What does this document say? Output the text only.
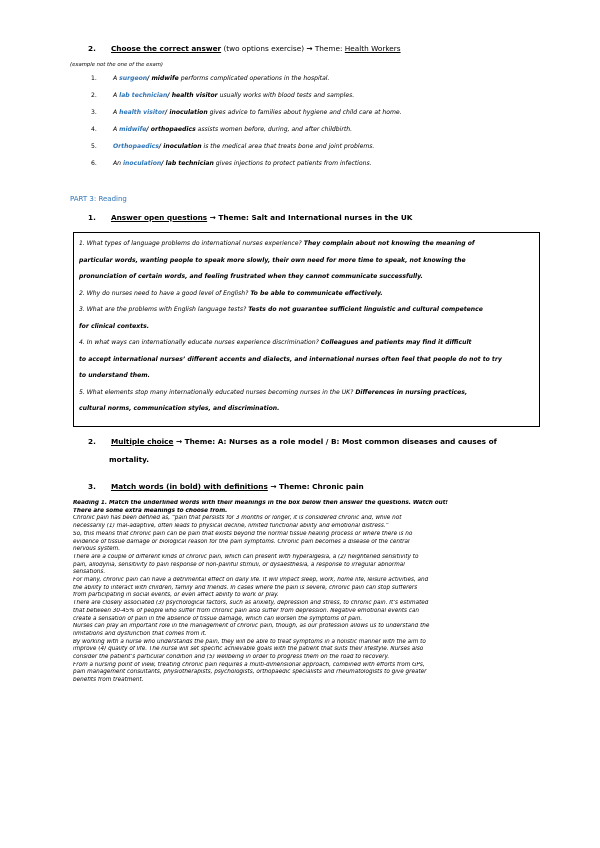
2. Choose the correct answer (two options exercise) → Theme: Health Workers
(example not the one of the exam)
1.	A surgeon/ midwife performs complicated operations in the hospital.
2.	A lab technician/ health visitor usually works with blood tests and samples.
3.	A health visitor/ inoculation gives advice to families about hygiene and child care at home.
4.	A midwife/ orthopaedics assists women before, during, and after childbirth.
5.	Orthopaedics/ inoculation is the medical area that treats bone and joint problems.
6.	An inoculation/ lab technician gives injections to protect patients from infections.
PART 3: Reading
1. Answer open questions → Theme: Salt and International nurses in the UK
1. What types of language problems do international nurses experience? They complain about not knowing the meaning of
particular words, wanting people to speak more slowly, their own need for more time to speak, not knowing the
pronunciation of certain words, and feeling frustrated when they cannot communicate successfully.
2. Why do nurses need to have a good level of English? To be able to communicate effectively.
3. What are the problems with English language tests? Tests do not guarantee sufficient linguistic and cultural competence
for clinical contexts.
4. In what ways can internationally educate nurses experience discrimination? Colleagues and patients may find it difficult
to accept international nurses’ different accents and dialects, and international nurses often feel that people do not to try
to understand them.
5. What elements stop many internationally educated nurses becoming nurses in the UK? Differences in nursing practices,
cultural norms, communication styles, and discrimination.
2. Multiple choice → Theme: A: Nurses as a role model / B: Most common diseases and causes of
mortality.
3. Match words (in bold) with definitions → Theme: Chronic pain

Reading 1. Match the underlined words with their meanings in the box below then answer the questions. Watch out!

There are some extra meanings to choose from.

Chronic pain has been defined as, “pain that persists for 3 months or longer, it is considered chronic and, while not

necessarily (1) mal-adaptive, often leads to physical decline, limited functional ability and emotional distress.”

So, this means that chronic pain can be pain that exists beyond the normal tissue healing process or where there is no

evidence of tissue damage or biological reason for the pain symptoms. Chronic pain becomes a disease of the central

nervous system.

There are a couple of different kinds of chronic pain, which can present with hyperalgesia, a (2) heightened sensitivity to

pain, allodynia, sensitivity to pain response of non-painful stimuli, or dysaesthesia, a response to irregular abnormal

sensations.

For many, chronic pain can have a detrimental effect on daily life. It will impact sleep, work, home life, leisure activities, and

the ability to interact with children, family and friends. In cases where the pain is severe, chronic pain can stop sufferers

from participating in social events, or even affect ability to work or play.

There are closely associated (3) psychological factors, such as anxiety, depression and stress, to chronic pain. It’s estimated

that between 30-45% of people who suffer from chronic pain also suffer from depression. Negative emotional events can

create a sensation of pain in the absence of tissue damage, which can worsen the symptoms of pain.

Nurses can play an important role in the management of chronic pain, though, as our profession allows us to understand the

limitations and dysfunction that comes from it.

By working with a nurse who understands the pain, they will be able to treat symptoms in a holistic manner with the aim to

improve (4) quality of life. The nurse will set specific achievable goals with the patient that suits their lifestyle. Nurses also

consider the patient’s particular condition and (5) wellbeing in order to progress them on the road to recovery.

From a nursing point of view, treating chronic pain requires a multi-dimensional approach, combined with efforts from GPs,

pain management consultants, physiotherapists, psychologists, orthopaedic specialists and rheumatologists to give greater

benefits from treatment.
